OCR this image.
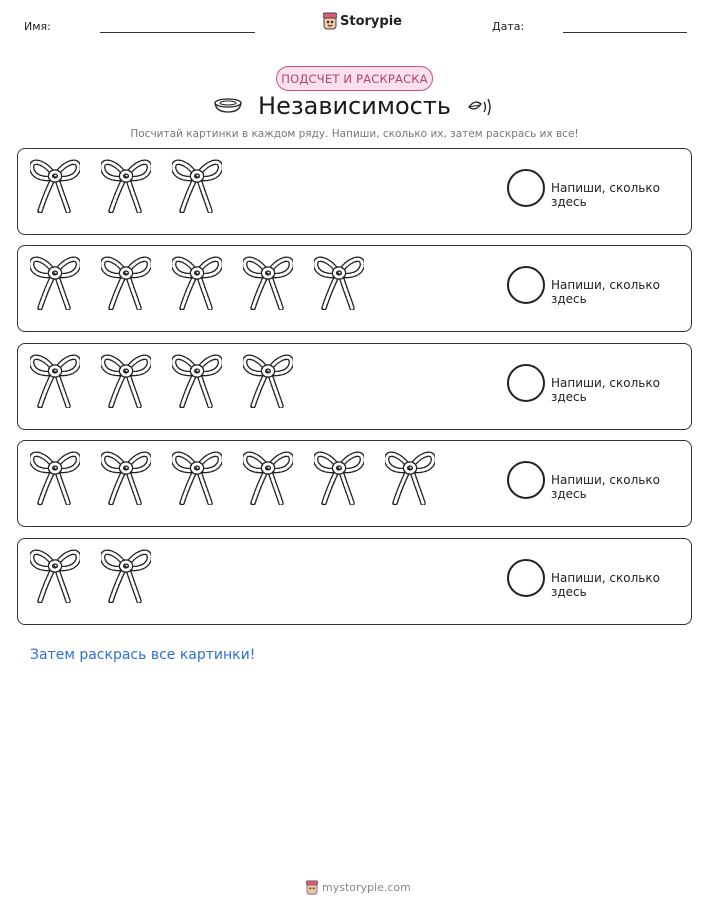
Имя:	Storypie	Дата:
ПОДСЧЕТ И РАСКРАСКА
Независимость
Посчитай картинки в каждом ряду. Напиши, сколько их, затем раскрась их все!
Напиши, сколько здесь
Напиши, сколько здесь
Напиши, сколько здесь
Напиши, сколько здесь
Напиши, сколько здесь
Затем раскрась все картинки!
mystorypie.com
